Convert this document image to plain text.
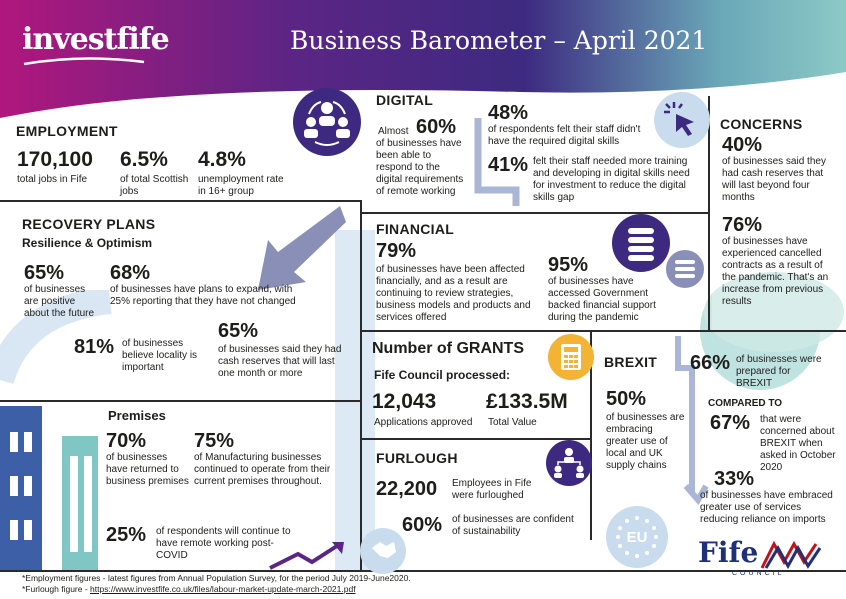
investfife	Business Barometer – April 2021
EMPLOYMENT
170,100
total jobs in Fife
6.5%
of total Scottish jobs
4.8%
unemployment rate in 16+ group
DIGITAL
Almost 60%
of businesses have been able to respond to the digital requirements of remote working
48%
of respondents felt their staff didn't have the required digital skills
41% felt their staff needed more training and developing in digital skills need for investment to reduce the digital skills gap
CONCERNS
40%
of businesses said they had cash reserves that will last beyond four months
76%
of businesses have experienced cancelled contracts as a result of the pandemic. That's an increase from previous results
RECOVERY PLANS
Resilience & Optimism
65%
of businesses are positive about the future
68%
of businesses have plans to expand, with 25% reporting that they have not changed
81% of businesses believe locality is important
65%
of businesses said they had cash reserves that will last one month or more
FINANCIAL
79%
of businesses have been affected financially, and as a result are continuing to review strategies, business models and products and services offered
95%
of businesses have accessed Government backed financial support during the pandemic
Number of GRANTS
Fife Council processed:
12,043
Applications approved
£133.5M
Total Value
BREXIT 66% of businesses were prepared for BREXIT
50%
of businesses are embracing greater use of local and UK supply chains
COMPARED TO
67% that were concerned about BREXIT when asked in October 2020
33%
of businesses have embraced greater use of services reducing reliance on imports
EU
Premises
70%
of businesses have returned to business premises
75%
of Manufacturing businesses continued to operate from their current premises throughout.
25% of respondents will continue to have remote working post-COVID
FURLOUGH
22,200 Employees in Fife were furloughed
60% of businesses are confident of sustainability
*Employment figures - latest figures from Annual Population Survey, for the period July 2019-June2020.
*Furlough figure - https://www.investfife.co.uk/files/labour-market-update-march-2021.pdf
Fife
COUNCIL
